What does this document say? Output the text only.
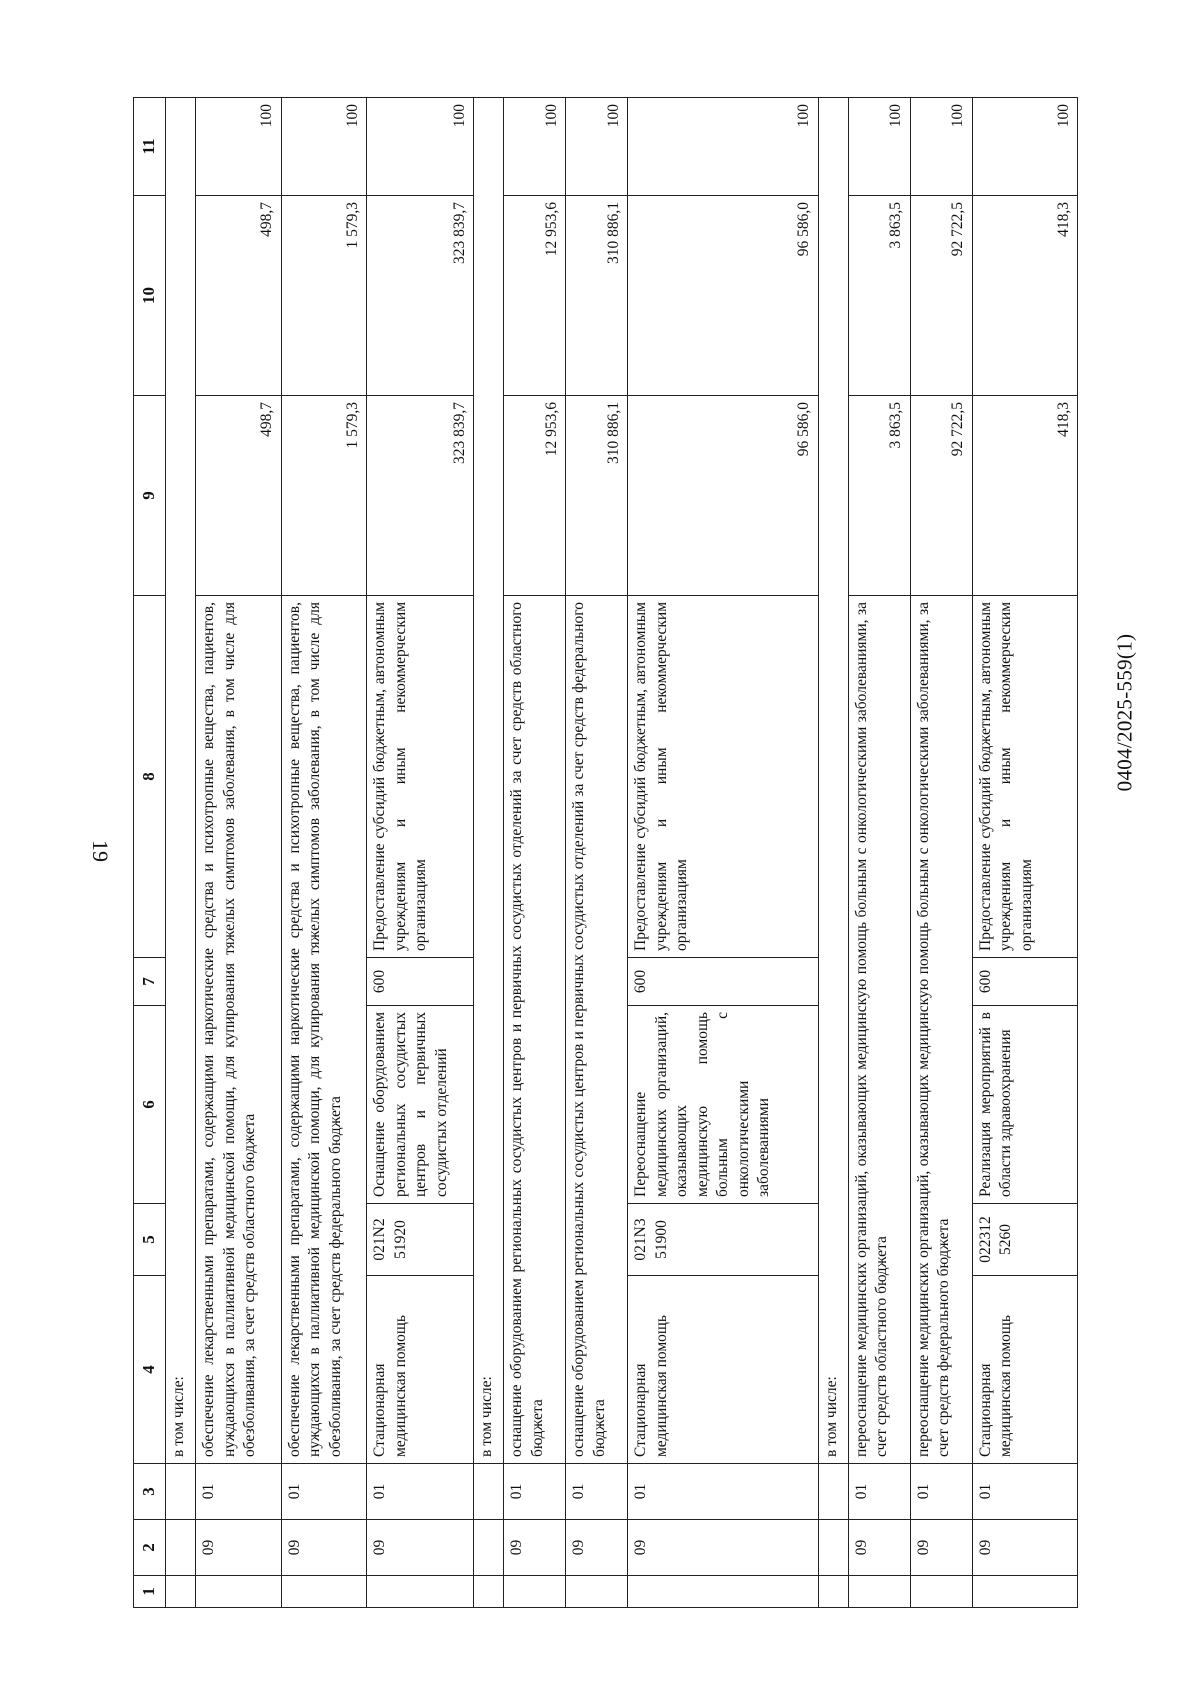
19
0404/2025-559(1)
1	2	3	4	5	6	7	8	9	10	11
			в том числе:							
	09	01	обеспечение лекарственными препаратами, содержащими наркотические средства и психотропные вещества, пациентов, нуждающихся в паллиативной медицинской помощи, для купирования тяжелых симптомов заболевания, в том числе для обезболивания, за счет средств областного бюджета					498,7	498,7	100
	09	01	обеспечение лекарственными препаратами, содержащими наркотические средства и психотропные вещества, пациентов, нуждающихся в паллиативной медицинской помощи, для купирования тяжелых симптомов заболевания, в том числе для обезболивания, за счет средств федерального бюджета					1 579,3	1 579,3	100
	09	01	Стационарная медицинская помощь	021N2 51920	Оснащение оборудованием региональных сосудистых центров и первичных сосудистых отделений	600	Предоставление субсидий бюджетным, автономным учреждениям и иным некоммерческим организациям	323 839,7	323 839,7	100
			в том числе:							
	09	01	оснащение оборудованием региональных сосудистых центров и первичных сосудистых отделений за счет средств областного бюджета					12 953,6	12 953,6	100
	09	01	оснащение оборудованием региональных сосудистых центров и первичных сосудистых отделений за счет средств федерального бюджета					310 886,1	310 886,1	100
	09	01	Стационарная медицинская помощь	021N3 51900	Переоснащение медицинских организаций, оказывающих медицинскую помощь больным с онкологическими заболеваниями	600	Предоставление субсидий бюджетным, автономным учреждениям и иным некоммерческим организациям	96 586,0	96 586,0	100
			в том числе:							
	09	01	переоснащение медицинских организаций, оказывающих медицинскую помощь больным с онкологическими заболеваниями, за счет средств областного бюджета					3 863,5	3 863,5	100
	09	01	переоснащение медицинских организаций, оказывающих медицинскую помощь больным с онкологическими заболеваниями, за счет средств федерального бюджета					92 722,5	92 722,5	100
	09	01	Стационарная медицинская помощь	022312 5260	Реализация мероприятий в области здравоохранения	600	Предоставление субсидий бюджетным, автономным учреждениям и иным некоммерческим организациям	418,3	418,3	100
